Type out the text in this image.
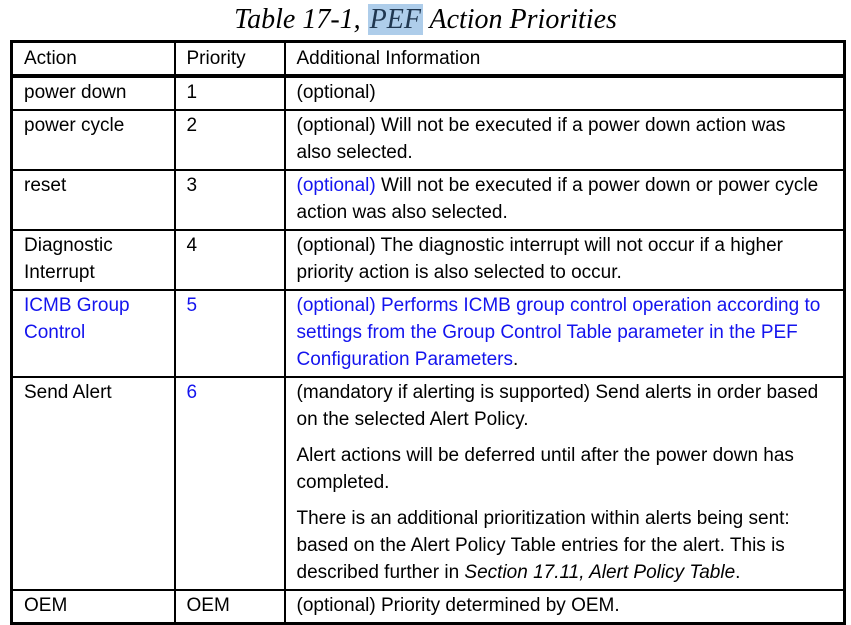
Table 17-1, PEF Action Priorities
Action	Priority	Additional Information
power down	1	(optional)
power cycle	2	(optional) Will not be executed if a power down action was also selected.
reset	3	(optional) Will not be executed if a power down or power cycle action was also selected.
Diagnostic Interrupt	4	(optional) The diagnostic interrupt will not occur if a higher priority action is also selected to occur.
ICMB Group Control	5	(optional) Performs ICMB group control operation according to settings from the Group Control Table parameter in the PEF Configuration Parameters.
Send Alert	6	(mandatory if alerting is supported) Send alerts in order based on the selected Alert Policy.

Alert actions will be deferred until after the power down has completed.

There is an additional prioritization within alerts being sent: based on the Alert Policy Table entries for the alert. This is described further in Section 17.11, Alert Policy Table.

OEM	OEM	(optional) Priority determined by OEM.
